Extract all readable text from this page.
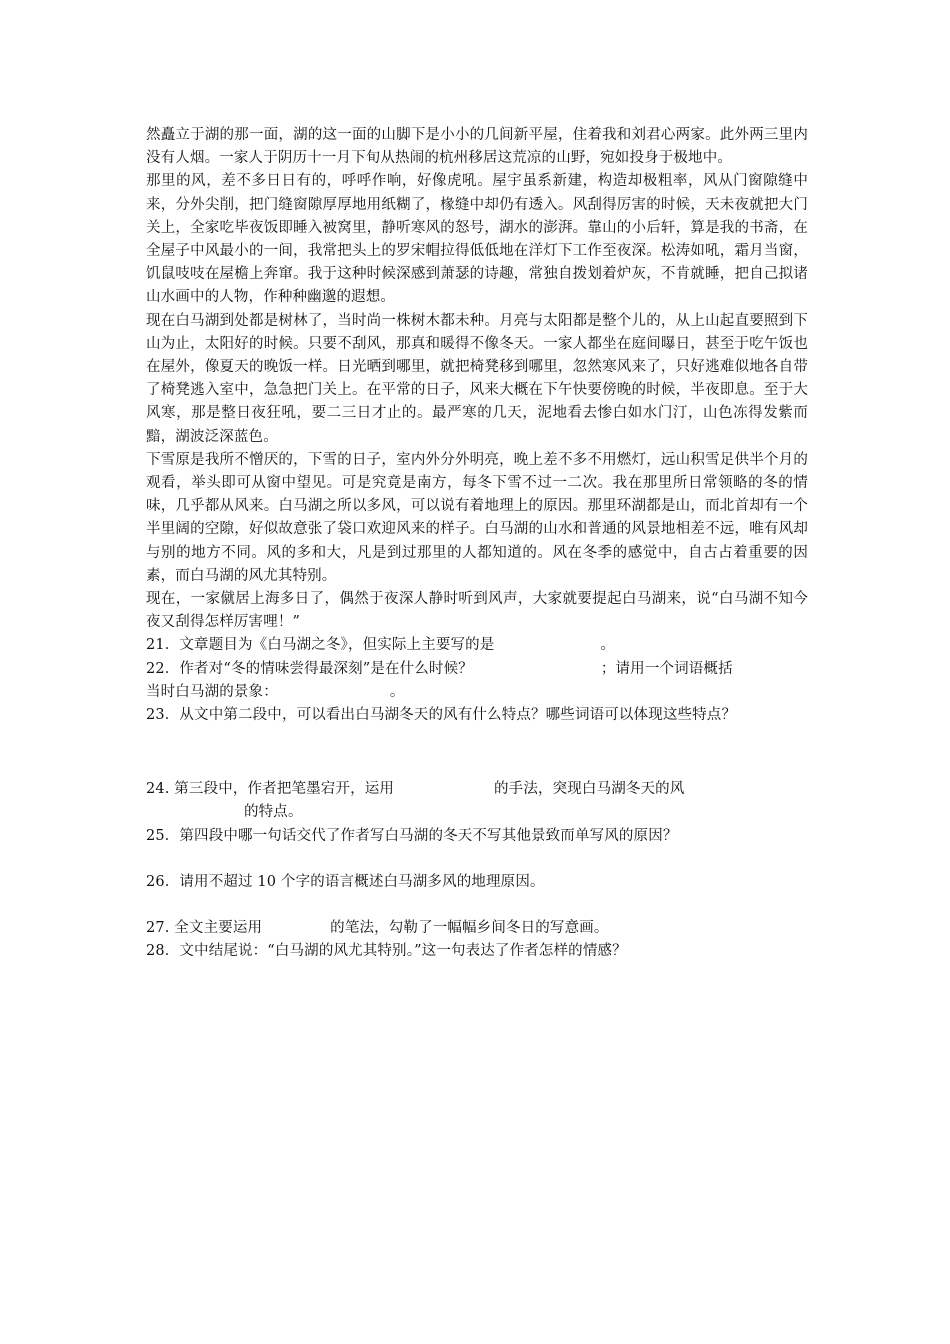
然矗立于湖的那一面，湖的这一面的山脚下是小小的几间新平屋，住着我和刘君心两家。此外两三里内没有人烟。一家人于阴历十一月下旬从热闹的杭州移居这荒凉的山野，宛如投身于极地中。

那里的风，差不多日日有的，呼呼作响，好像虎吼。屋宇虽系新建，构造却极粗率，风从门窗隙缝中来，分外尖削，把门缝窗隙厚厚地用纸糊了，椽缝中却仍有透入。风刮得厉害的时候，天未夜就把大门关上，全家吃毕夜饭即睡入被窝里，静听寒风的怒号，湖水的澎湃。靠山的小后轩，算是我的书斋，在全屋子中风最小的一间，我常把头上的罗宋帽拉得低低地在洋灯下工作至夜深。松涛如吼，霜月当窗，饥鼠吱吱在屋檐上奔窜。我于这种时候深感到萧瑟的诗趣，常独自拨划着炉灰，不肯就睡，把自己拟诸山水画中的人物，作种种幽邈的遐想。

现在白马湖到处都是树林了，当时尚一株树木都未种。月亮与太阳都是整个儿的，从上山起直要照到下山为止，太阳好的时候。只要不刮风，那真和暖得不像冬天。一家人都坐在庭间曝日，甚至于吃午饭也在屋外，像夏天的晚饭一样。日光晒到哪里，就把椅凳移到哪里，忽然寒风来了，只好逃难似地各自带了椅凳逃入室中，急急把门关上。在平常的日子，风来大概在下午快要傍晚的时候，半夜即息。至于大风寒，那是整日夜狂吼，要二三日才止的。最严寒的几天，泥地看去惨白如水门汀，山色冻得发紫而黯，湖波泛深蓝色。

下雪原是我所不憎厌的，下雪的日子，室内外分外明亮，晚上差不多不用燃灯，远山积雪足供半个月的观看，举头即可从窗中望见。可是究竟是南方，每冬下雪不过一二次。我在那里所日常领略的冬的情味，几乎都从风来。白马湖之所以多风，可以说有着地理上的原因。那里环湖都是山，而北首却有一个半里阔的空隙，好似故意张了袋口欢迎风来的样子。白马湖的山水和普通的风景地相差不远，唯有风却与别的地方不同。风的多和大，凡是到过那里的人都知道的。风在冬季的感觉中，自古占着重要的因素，而白马湖的风尤其特别。

现在，一家僦居上海多日了，偶然于夜深人静时听到风声，大家就要提起白马湖来，说“白马湖不知今夜又刮得怎样厉害哩！”

21．文章题目为《白马湖之冬》，但实际上主要写的是	。

22．作者对“冬的情味尝得最深刻”是在什么时候？	；请用一个词语概括

当时白马湖的景象：	。

23．从文中第二段中，可以看出白马湖冬天的风有什么特点？哪些词语可以体现这些特点？

24. 第三段中，作者把笔墨宕开，运用	的手法，突现白马湖冬天的风

的特点。

25．第四段中哪一句话交代了作者写白马湖的冬天不写其他景致而单写风的原因？

26．请用不超过 10 个字的语言概述白马湖多风的地理原因。

27. 全文主要运用	的笔法，勾勒了一幅幅乡间冬日的写意画。

28．文中结尾说：“白马湖的风尤其特别。”这一句表达了作者怎样的情感？
